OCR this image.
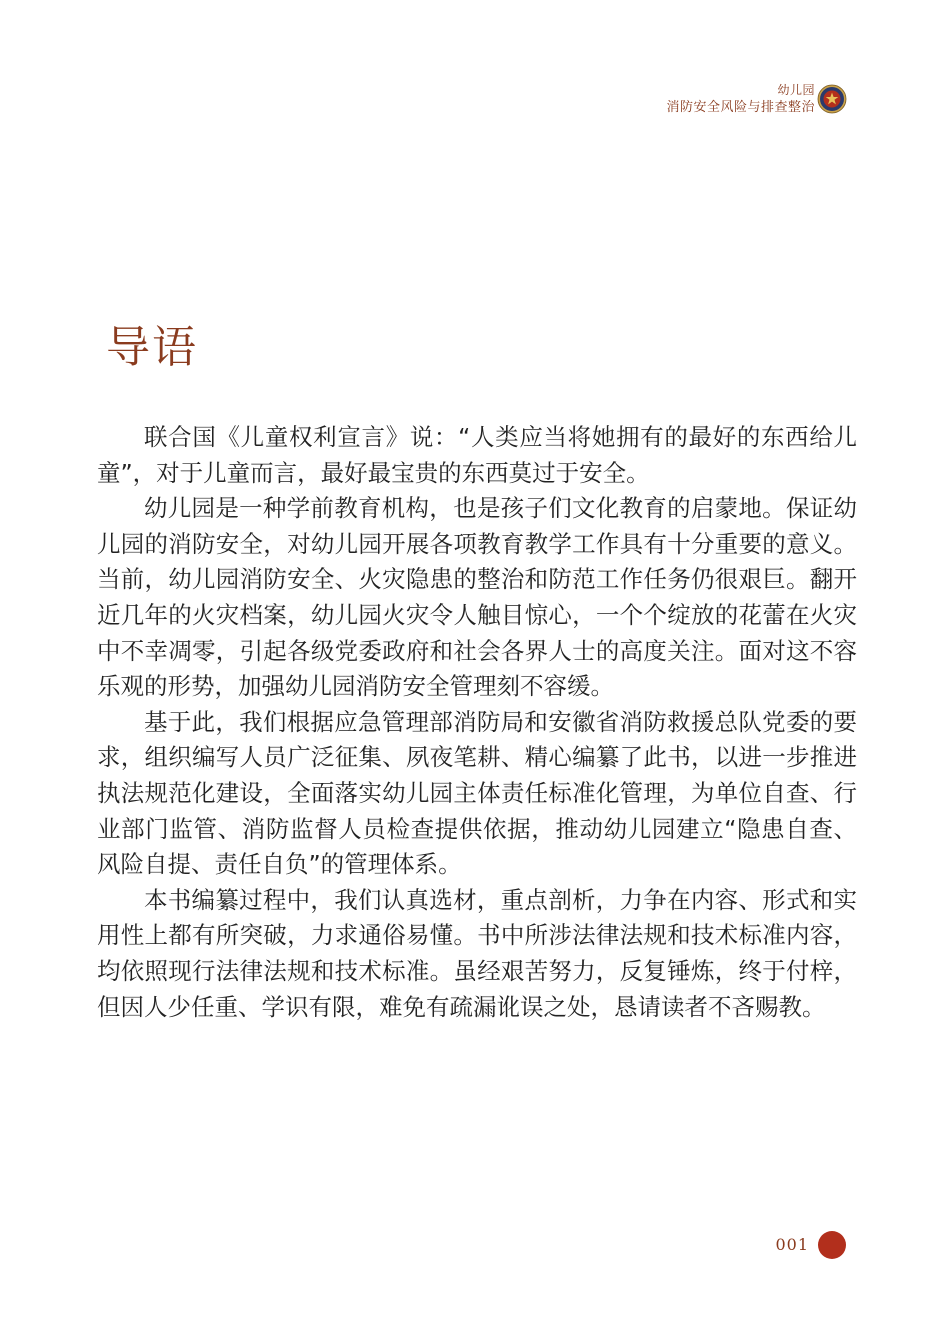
幼儿园
消防安全风险与排查整治
导语

联合国《儿童权利宣言》说：“人类应当将她拥有的最好的东西给儿童”，对于儿童而言，最好最宝贵的东西莫过于安全。

幼儿园是一种学前教育机构，也是孩子们文化教育的启蒙地。保证幼儿园的消防安全，对幼儿园开展各项教育教学工作具有十分重要的意义。当前，幼儿园消防安全、火灾隐患的整治和防范工作任务仍很艰巨。翻开近几年的火灾档案，幼儿园火灾令人触目惊心，一个个绽放的花蕾在火灾中不幸凋零，引起各级党委政府和社会各界人士的高度关注。面对这不容乐观的形势，加强幼儿园消防安全管理刻不容缓。

基于此，我们根据应急管理部消防局和安徽省消防救援总队党委的要求，组织编写人员广泛征集、夙夜笔耕、精心编纂了此书，以进一步推进执法规范化建设，全面落实幼儿园主体责任标准化管理，为单位自查、行业部门监管、消防监督人员检查提供依据，推动幼儿园建立“隐患自查、风险自提、责任自负”的管理体系。

本书编纂过程中，我们认真选材，重点剖析，力争在内容、形式和实用性上都有所突破，力求通俗易懂。书中所涉法律法规和技术标准内容，均依照现行法律法规和技术标准。虽经艰苦努力，反复锤炼，终于付梓，但因人少任重、学识有限，难免有疏漏讹误之处，恳请读者不吝赐教。

001
